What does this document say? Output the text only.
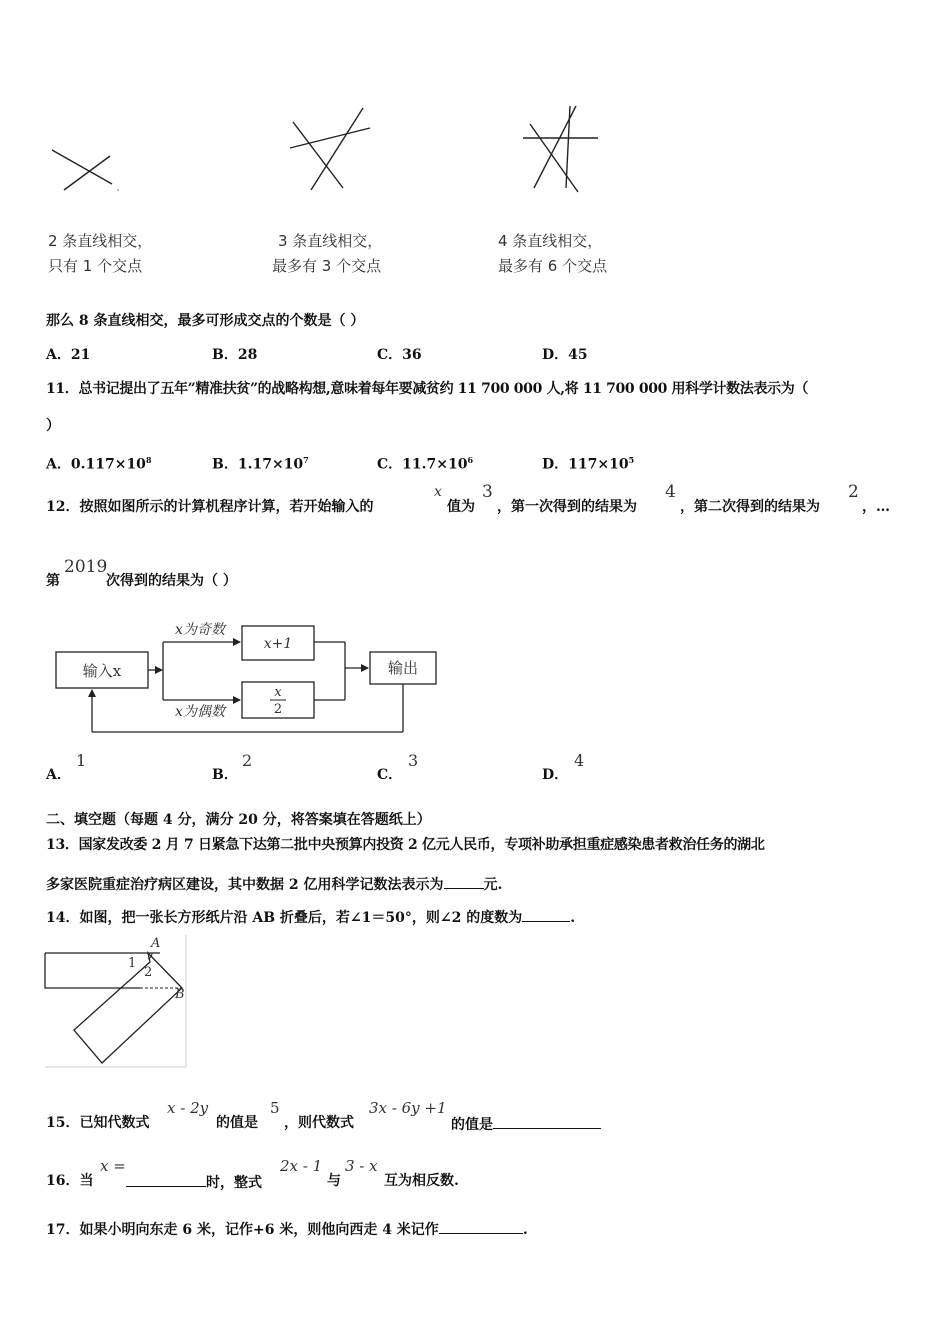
2 条直线相交，
只有 1 个交点
3 条直线相交，
最多有 3 个交点
4 条直线相交，
最多有 6 个交点
那么 8 条直线相交，最多可形成交点的个数是（ ）
A．21	B．28	C．36	D．45
11．总书记提出了五年”精准扶贫”的战略构想,意味着每年要减贫约 11 700 000 人,将 11 700 000 用科学计数法表示为（
）
A．$0.117\times 10^8$	B．$1.17\times 10^7$	C．$11.7\times 10^6$	D．$117\times 10^5$
12．按照如图所示的计算机程序计算，若开始输入的
x
值为
3
，第一次得到的结果为
4
，第二次得到的结果为
2
，…
第
2019
次得到的结果为（ ）
输入x
x为奇数
x为偶数
x+1
x
2
输出
A．
1
B．
2
C．
3
D．
4
二、填空题（每题 4 分，满分 20 分，将答案填在答题纸上）
13．国家发改委 2 月 7 日紧急下达第二批中央预算内投资 2 亿元人民币，专项补助承担重症感染患者救治任务的湖北
多家医院重症治疗病区建设，其中数据 2 亿用科学记数法表示为	元.
14．如图，把一张长方形纸片沿 AB 折叠后，若∠1＝50°，则∠2 的度数为	.
A
B
1
2
15．已知代数式
x - 2y
的值是
5
，则代数式
3x - 6y +1
的值是
16．当
x =
时，整式
2x - 1
与
3 - x
互为相反数.
17．如果小明向东走 6 米，记作+6 米，则他向西走 4 米记作	.
